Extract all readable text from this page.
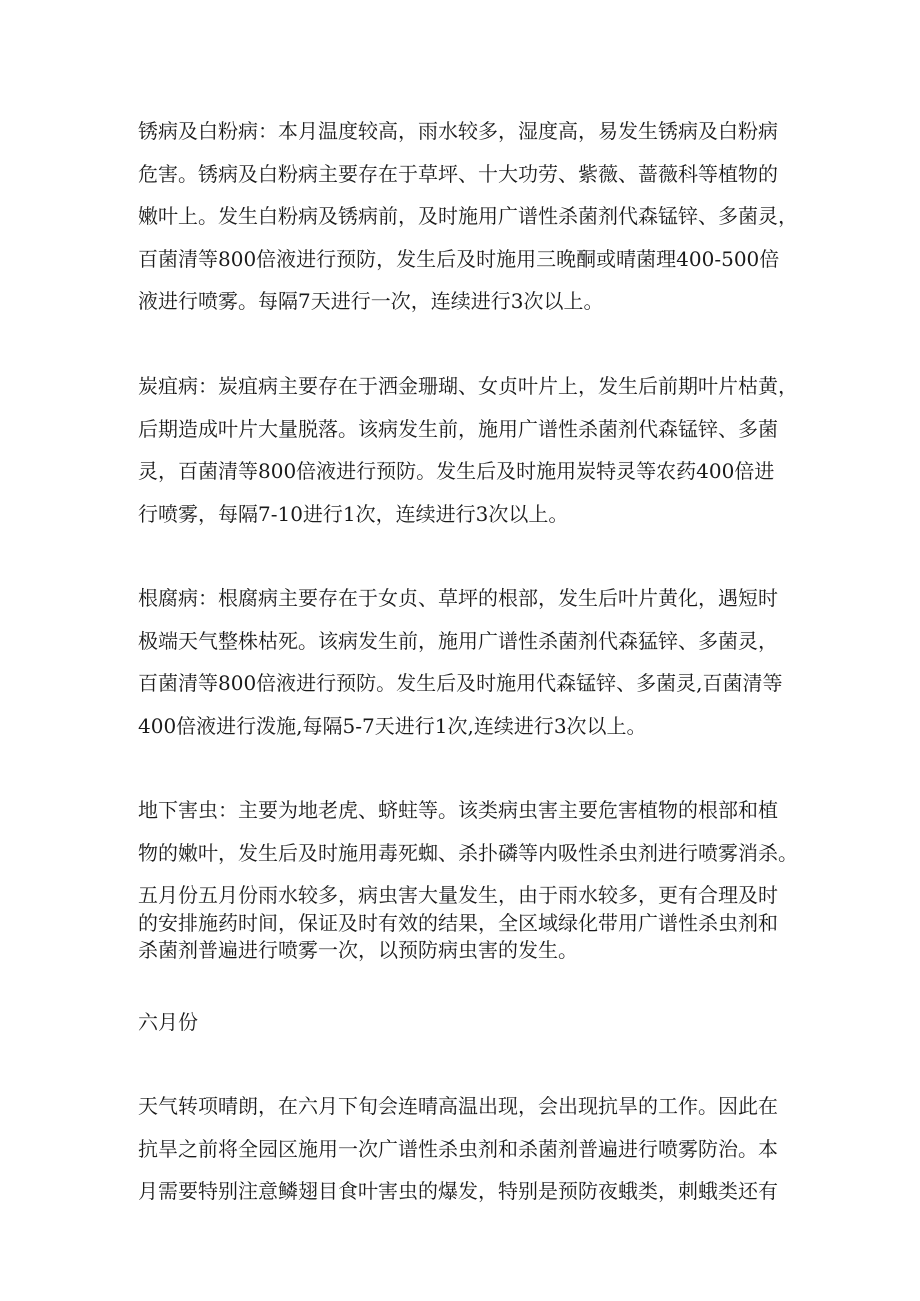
锈病及白粉病：本月温度较高，雨水较多，湿度高，易发生锈病及白粉病
危害。锈病及白粉病主要存在于草坪、十大功劳、紫薇、蔷薇科等植物的
嫩叶上。发生白粉病及锈病前，及时施用广谱性杀菌剂代森锰锌、多菌灵，
百菌清等800倍液进行预防，发生后及时施用三晚酮或晴菌理400-500倍
液进行喷雾。每隔7天进行一次，连续进行3次以上。

炭疽病：炭疽病主要存在于洒金珊瑚、女贞叶片上，发生后前期叶片枯黄，
后期造成叶片大量脱落。该病发生前，施用广谱性杀菌剂代森锰锌、多菌
灵，百菌清等800倍液进行预防。发生后及时施用炭特灵等农药400倍进
行喷雾，每隔7-10进行1次，连续进行3次以上。

根腐病：根腐病主要存在于女贞、草坪的根部，发生后叶片黄化，遇短时
极端天气整株枯死。该病发生前，施用广谱性杀菌剂代森猛锌、多菌灵，
百菌清等800倍液进行预防。发生后及时施用代森锰锌、多菌灵,百菌清等
400倍液进行泼施,每隔5-7天进行1次,连续进行3次以上。

地下害虫：主要为地老虎、蛴蛀等。该类病虫害主要危害植物的根部和植
物的嫩叶，发生后及时施用毒死蜘、杀扑磷等内吸性杀虫剂进行喷雾消杀。

五月份五月份雨水较多，病虫害大量发生，由于雨水较多，更有合理及时
的安排施药时间，保证及时有效的结果，全区域绿化带用广谱性杀虫剂和
杀菌剂普遍进行喷雾一次，以预防病虫害的发生。

六月份

天气转项晴朗，在六月下旬会连晴高温出现，会出现抗旱的工作。因此在
抗旱之前将全园区施用一次广谱性杀虫剂和杀菌剂普遍进行喷雾防治。本
月需要特别注意鳞翅目食叶害虫的爆发，特别是预防夜蛾类，刺蛾类还有
